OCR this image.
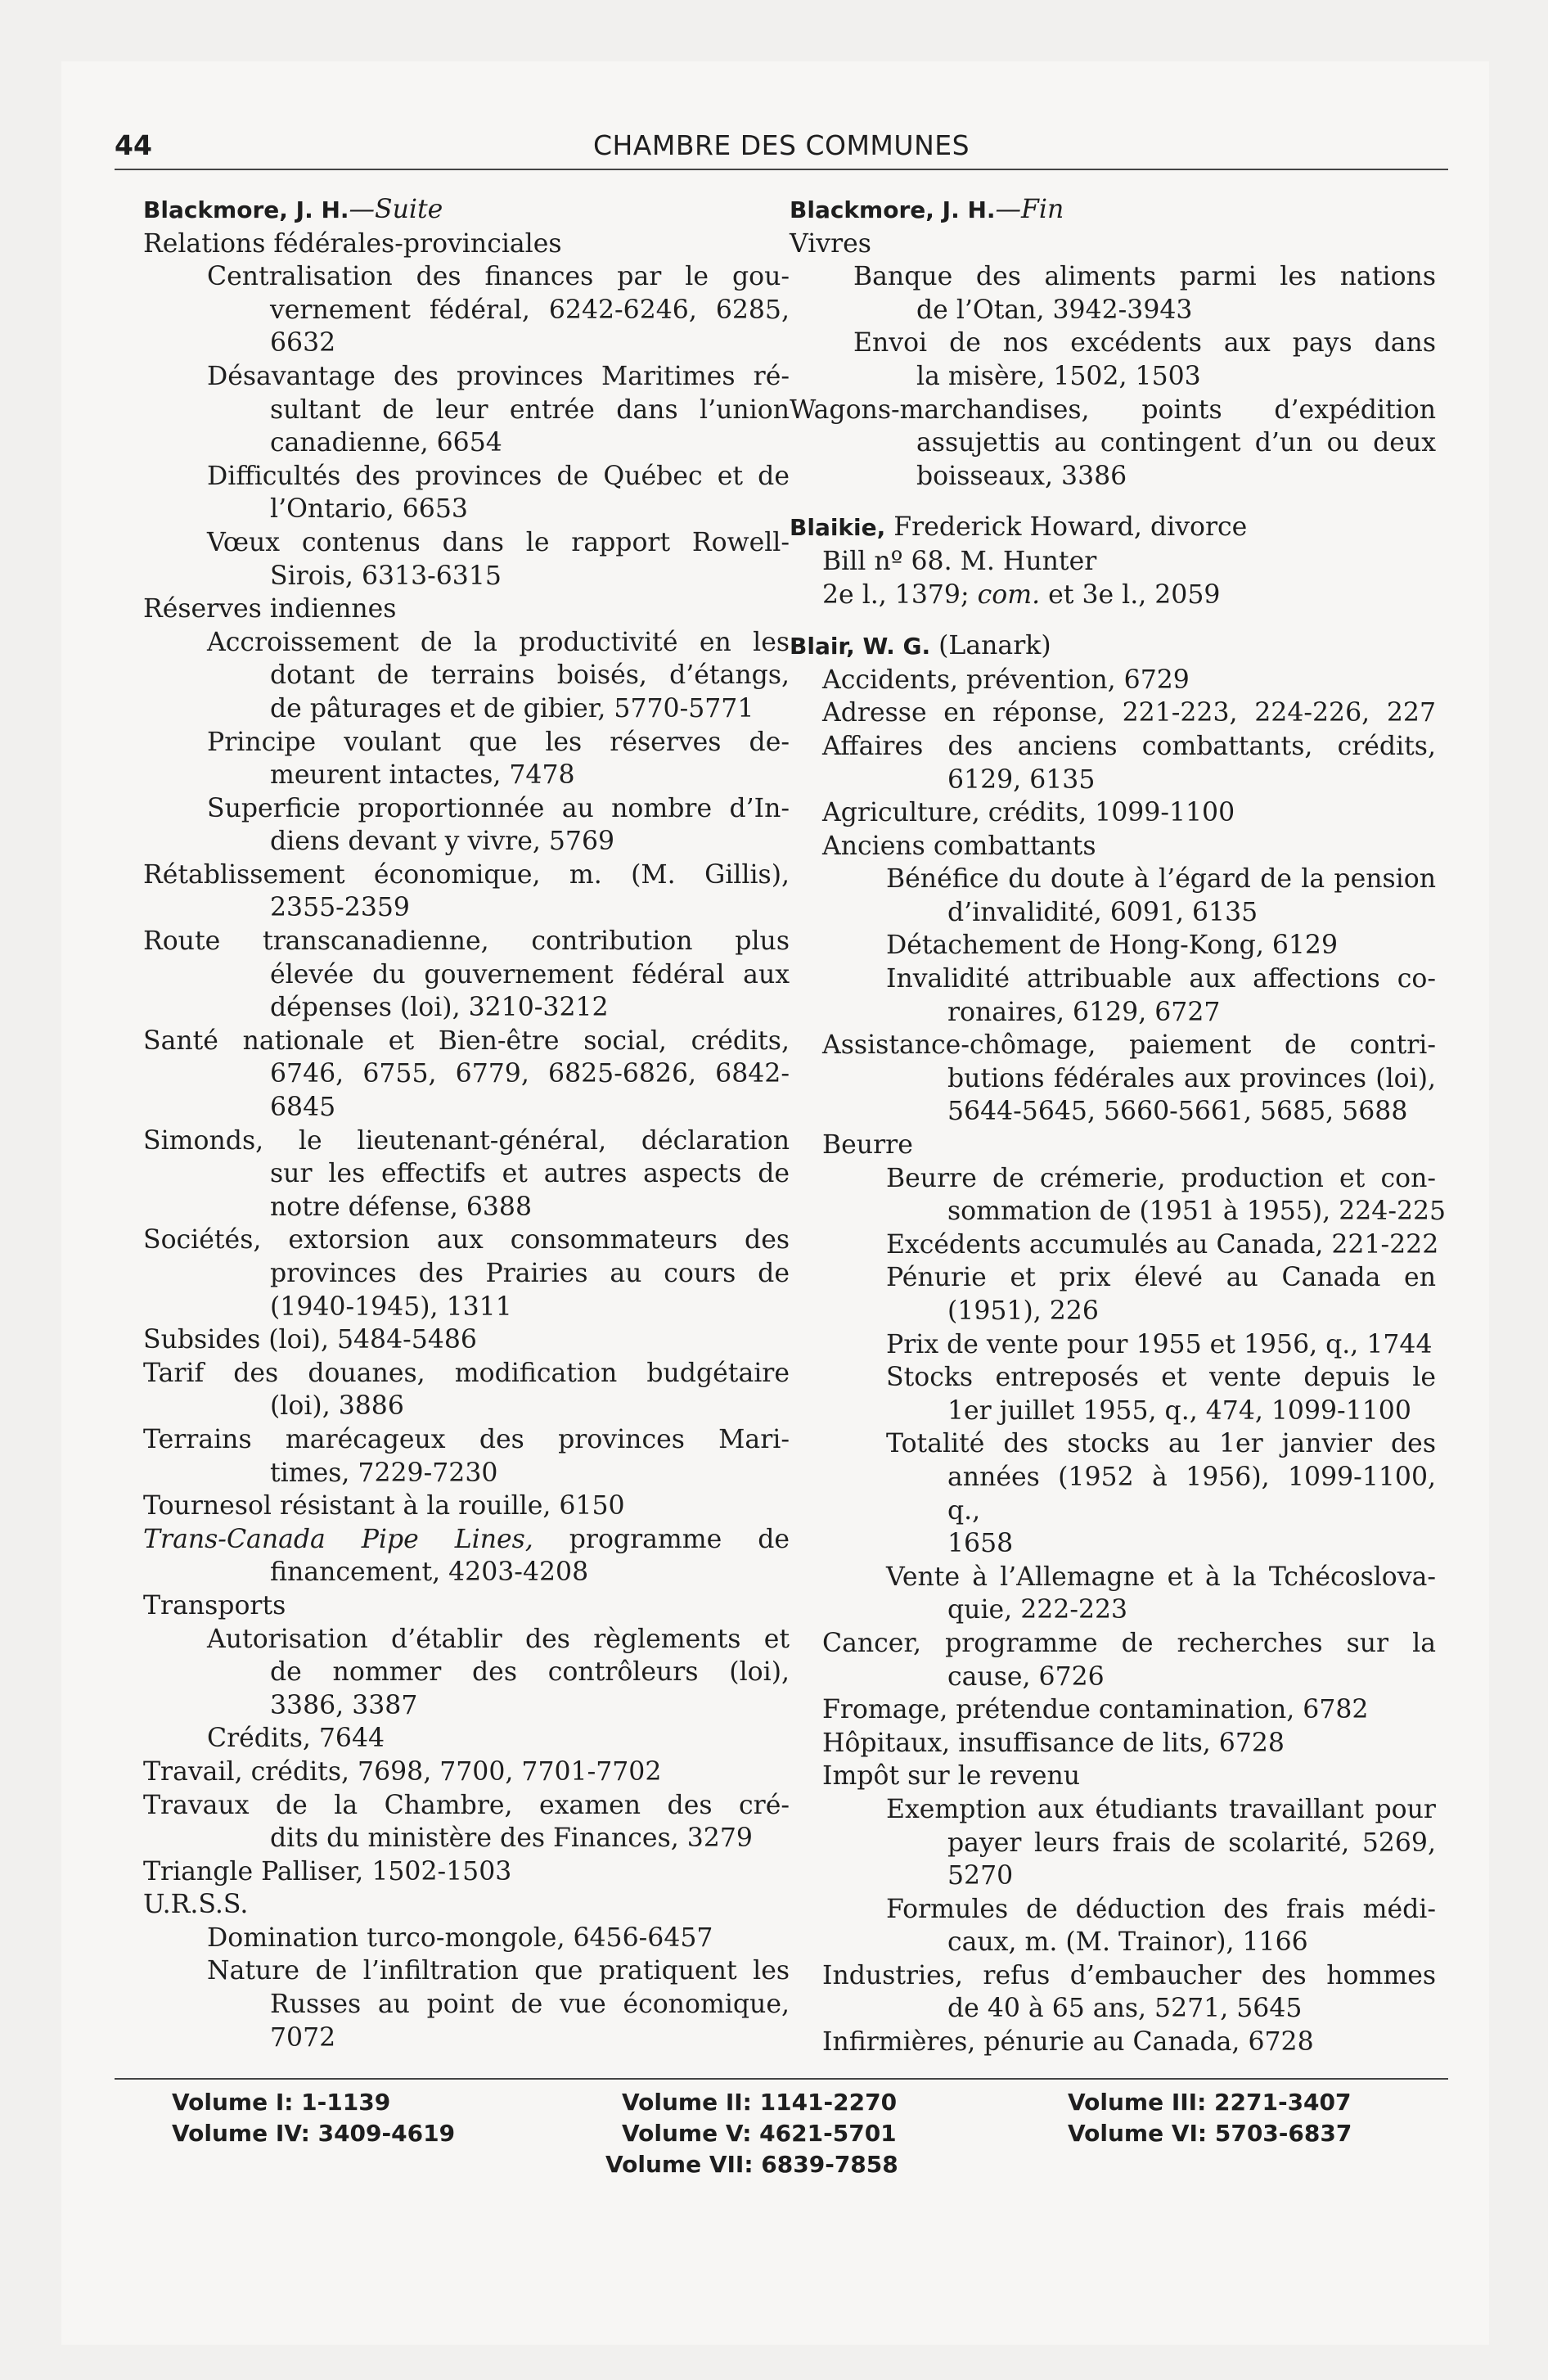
44	CHAMBRE DES COMMUNES
Blackmore, J. H.—Suite
Relations fédérales-provinciales
Centralisation des finances par le gou-
vernement fédéral, 6242-6246, 6285,
6632
Désavantage des provinces Maritimes ré-
sultant de leur entrée dans l’union
canadienne, 6654
Difficultés des provinces de Québec et de
l’Ontario, 6653
Vœux contenus dans le rapport Rowell-
Sirois, 6313-6315
Réserves indiennes
Accroissement de la productivité en les
dotant de terrains boisés, d’étangs,
de pâturages et de gibier, 5770-5771
Principe voulant que les réserves de-
meurent intactes, 7478
Superficie proportionnée au nombre d’In-
diens devant y vivre, 5769
Rétablissement économique, m. (M. Gillis),
2355-2359
Route transcanadienne, contribution plus
élevée du gouvernement fédéral aux
dépenses (loi), 3210-3212
Santé nationale et Bien-être social, crédits,
6746, 6755, 6779, 6825-6826, 6842-
6845
Simonds, le lieutenant-général, déclaration
sur les effectifs et autres aspects de
notre défense, 6388
Sociétés, extorsion aux consommateurs des
provinces des Prairies au cours de
(1940-1945), 1311
Subsides (loi), 5484-5486
Tarif des douanes, modification budgétaire
(loi), 3886
Terrains marécageux des provinces Mari-
times, 7229-7230
Tournesol résistant à la rouille, 6150
Trans-Canada Pipe Lines, programme de
financement, 4203-4208
Transports
Autorisation d’établir des règlements et
de nommer des contrôleurs (loi),
3386, 3387
Crédits, 7644
Travail, crédits, 7698, 7700, 7701-7702
Travaux de la Chambre, examen des cré-
dits du ministère des Finances, 3279
Triangle Palliser, 1502-1503
U.R.S.S.
Domination turco-mongole, 6456-6457
Nature de l’infiltration que pratiquent les
Russes au point de vue économique,
7072
Blackmore, J. H.—Fin
Vivres
Banque des aliments parmi les nations
de l’Otan, 3942-3943
Envoi de nos excédents aux pays dans
la misère, 1502, 1503
Wagons-marchandises, points d’expédition
assujettis au contingent d’un ou deux
boisseaux, 3386
Blaikie, Frederick Howard, divorce
Bill nº 68. M. Hunter
2e l., 1379; com. et 3e l., 2059
Blair, W. G. (Lanark)
Accidents, prévention, 6729
Adresse en réponse, 221-223, 224-226, 227
Affaires des anciens combattants, crédits,
6129, 6135
Agriculture, crédits, 1099-1100
Anciens combattants
Bénéfice du doute à l’égard de la pension
d’invalidité, 6091, 6135
Détachement de Hong-Kong, 6129
Invalidité attribuable aux affections co-
ronaires, 6129, 6727
Assistance-chômage, paiement de contri-
butions fédérales aux provinces (loi),
5644-5645, 5660-5661, 5685, 5688
Beurre
Beurre de crémerie, production et con-
sommation de (1951 à 1955), 224-225
Excédents accumulés au Canada, 221-222
Pénurie et prix élevé au Canada en
(1951), 226
Prix de vente pour 1955 et 1956, q., 1744
Stocks entreposés et vente depuis le
1er juillet 1955, q., 474, 1099-1100
Totalité des stocks au 1er janvier des
années (1952 à 1956), 1099-1100, q.,
1658
Vente à l’Allemagne et à la Tchécoslova-
quie, 222-223
Cancer, programme de recherches sur la
cause, 6726
Fromage, prétendue contamination, 6782
Hôpitaux, insuffisance de lits, 6728
Impôt sur le revenu
Exemption aux étudiants travaillant pour
payer leurs frais de scolarité, 5269,
5270
Formules de déduction des frais médi-
caux, m. (M. Trainor), 1166
Industries, refus d’embaucher des hommes
de 40 à 65 ans, 5271, 5645
Infirmières, pénurie au Canada, 6728
Volume I: 1-1139	Volume II: 1141-2270	Volume III: 2271-3407
Volume IV: 3409-4619	Volume V: 4621-5701	Volume VI: 5703-6837
Volume VII: 6839-7858
